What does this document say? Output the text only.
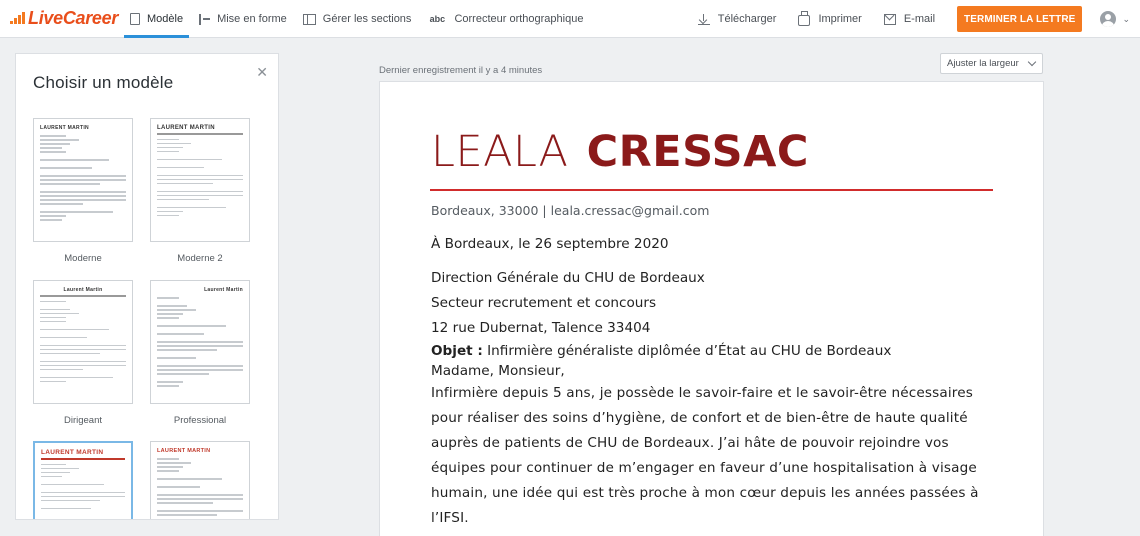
LiveCareer	Modèle	Mise en forme	Gérer les sections abc Correcteur orthographique	Télécharger	Imprimer	E-mail	TERMINER LA LETTRE	⌄
Choisir un modèle
✕
LAURENT MARTIN
Moderne
LAURENT MARTIN
Moderne 2
Laurent Martin
Dirigeant
Laurent Martin
Professional
LAURENT MARTIN	LAURENT MARTIN
Dernier enregistrement il y a 4 minutes
Ajuster la largeur
LEALA CRESSAC
Bordeaux, 33000 | leala.cressac@gmail.com

À Bordeaux, le 26 septembre 2020

Direction Générale du CHU de Bordeaux

Secteur recrutement et concours

12 rue Dubernat, Talence 33404

Objet : Infirmière généraliste diplômée d’État au CHU de Bordeaux

Madame, Monsieur,

Infirmière depuis 5 ans, je possède le savoir-faire et le savoir-être nécessaires pour réaliser des soins d’hygiène, de confort et de bien-être de haute qualité auprès de patients de CHU de Bordeaux. J’ai hâte de pouvoir rejoindre vos équipes pour continuer de m’engager en faveur d’une hospitalisation à visage humain, une idée qui est très proche à mon cœur depuis les années passées à l’IFSI.
